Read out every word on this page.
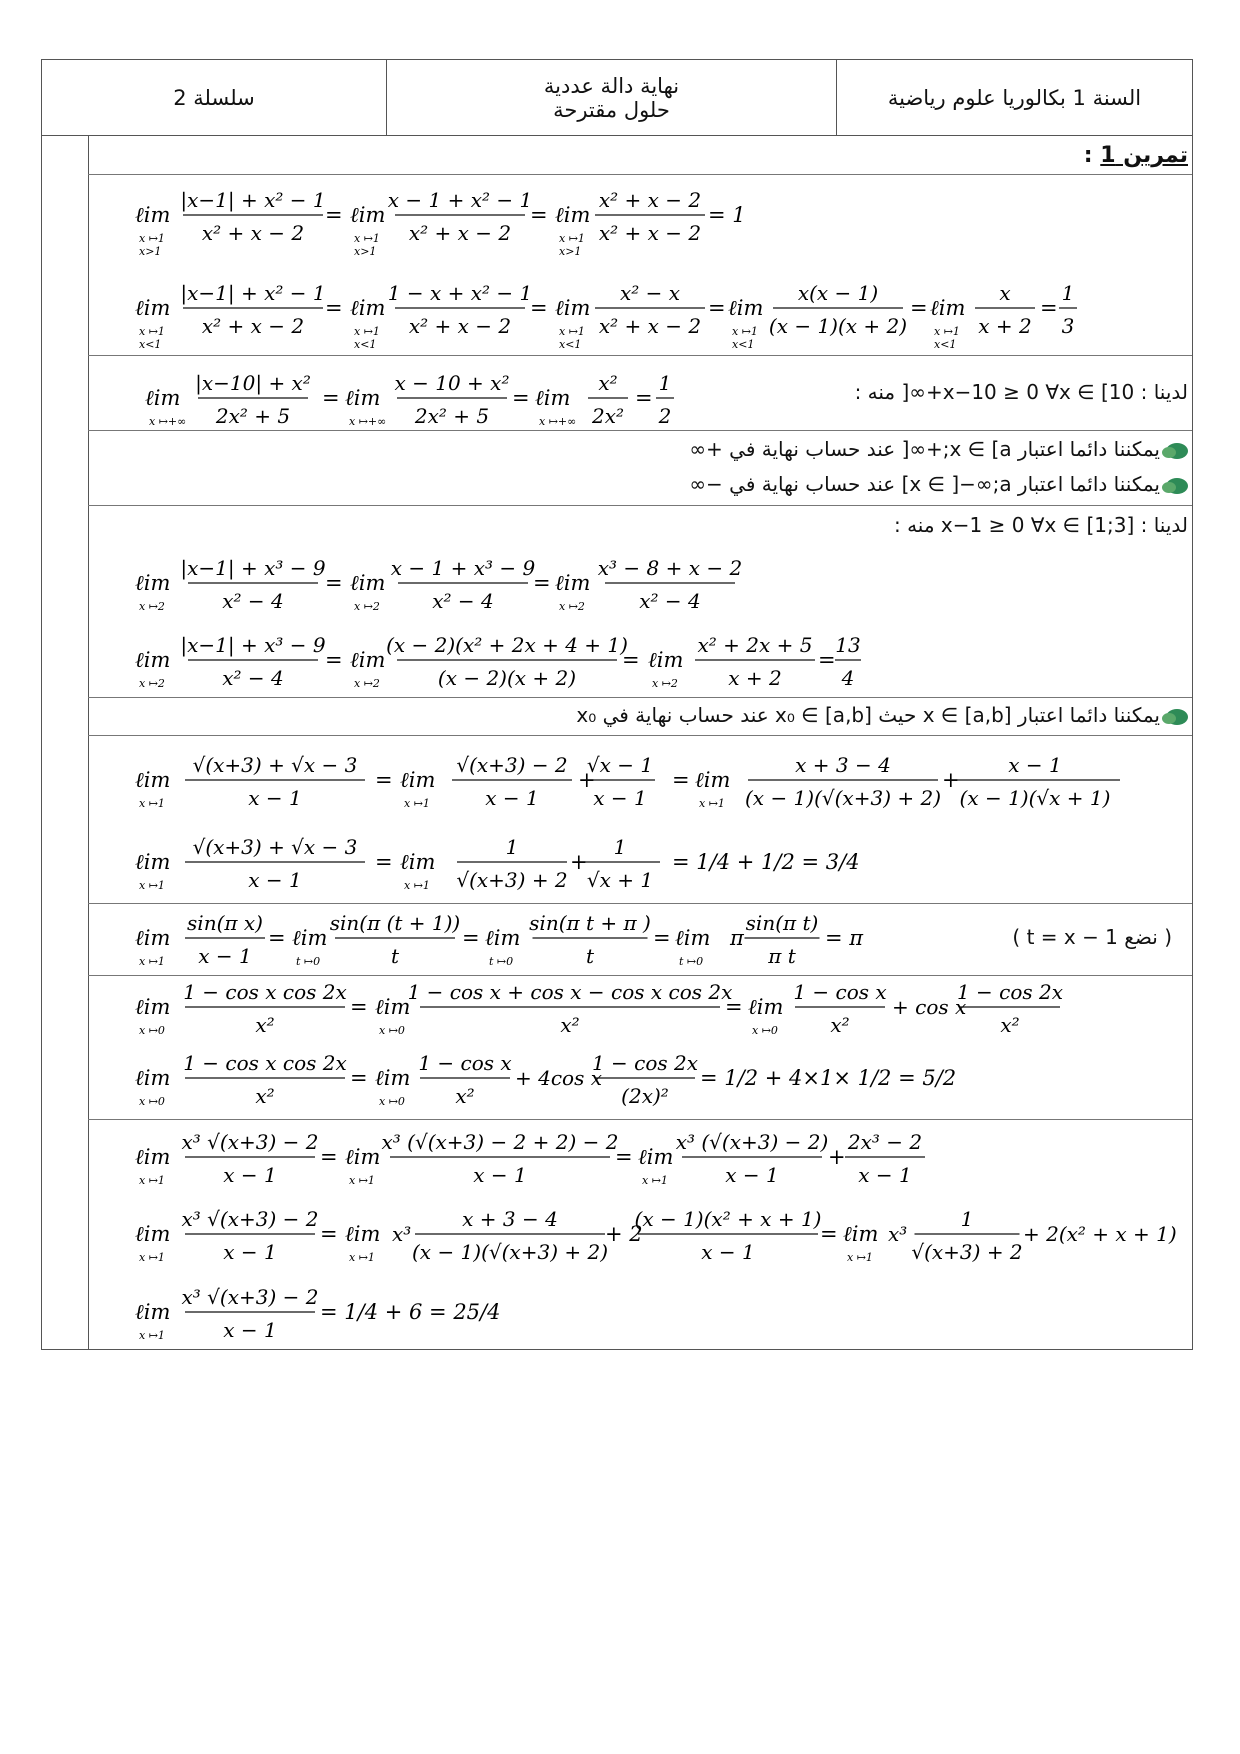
سلسلة 2	نهاية دالة عددية
حلول مقترحة	السنة 1 بكالوريا علوم رياضية
تمرين 1 :
لدينا : x−10 ≥ 0 ∀x ∈ [10+∞[ منه :
يمكننا دائما اعتبار x ∈ [a;+∞[ عند حساب نهاية في +∞
يمكننا دائما اعتبار x ∈ ]−∞;a] عند حساب نهاية في −∞
لدينا : x−1 ≥ 0 ∀x ∈ [1;3] منه :
يمكننا دائما اعتبار x ∈ [a,b] حيث x₀ ∈ [a,b] عند حساب نهاية في x₀
( نضع t = x − 1 )
ℓim
x ↦1
x>1
|x−1| + x² − 1
x² + x − 2
= ℓim
x ↦1
x>1
x − 1 + x² − 1
x² + x − 2
= ℓim
x ↦1
x>1
x² + x − 2
x² + x − 2
= 1
ℓim
x ↦1
x<1
|x−1| + x² − 1
x² + x − 2
= ℓim
x ↦1
x<1
1 − x + x² − 1
x² + x − 2
= ℓim
x ↦1
x<1
x² − x
x² + x − 2
= ℓim
x ↦1
x<1
x(x − 1)
(x − 1)(x + 2)
= ℓim
x ↦1
x<1
x
x + 2
=
1
3
ℓim
x ↦+∞
|x−10| + x²
2x² + 5
= ℓim
x ↦+∞
x − 10 + x²
2x² + 5
= ℓim
x ↦+∞
x²
2x²
=
1
2
ℓim
x ↦2
|x−1| + x³ − 9
x² − 4
= ℓim
x ↦2
x − 1 + x³ − 9
x² − 4
= ℓim
x ↦2
x³ − 8 + x − 2
x² − 4
ℓim
x ↦2
|x−1| + x³ − 9
x² − 4
= ℓim
x ↦2
(x − 2)(x² + 2x + 4 + 1)
(x − 2)(x + 2)
= ℓim
x ↦2
x² + 2x + 5
x + 2
=
13
4
ℓim
x ↦1
√(x+3) + √x − 3
x − 1
= ℓim
x ↦1
√(x+3) − 2
x − 1
+
√x − 1
x − 1
= ℓim
x ↦1
x + 3 − 4
(x − 1)(√(x+3) + 2)
+
x − 1
(x − 1)(√x + 1)
ℓim
x ↦1
√(x+3) + √x − 3
x − 1
= ℓim
x ↦1
1
√(x+3) + 2
+
1
√x + 1
= 1/4 + 1/2 = 3/4
ℓim
x ↦1
sin(π x)
x − 1
= ℓim
t ↦0
sin(π (t + 1))
t
= ℓim
t ↦0
sin(π t + π )
t
= ℓim
t ↦0
π
sin(π t)
π t
= π
ℓim
x ↦0
1 − cos x cos 2x
x²
= ℓim
x ↦0
1 − cos x + cos x − cos x cos 2x
x²
= ℓim
x ↦0
1 − cos x
x²
+ cos x
1 − cos 2x
x²
ℓim
x ↦0
1 − cos x cos 2x
x²
= ℓim
x ↦0
1 − cos x
x²
+ 4cos x
1 − cos 2x
(2x)²
= 1/2 + 4×1× 1/2 = 5/2
ℓim
x ↦1
x³ √(x+3) − 2
x − 1
= ℓim
x ↦1
x³ (√(x+3) − 2 + 2) − 2
x − 1
= ℓim
x ↦1
x³ (√(x+3) − 2)
x − 1
+
2x³ − 2
x − 1
ℓim
x ↦1
x³ √(x+3) − 2
x − 1
= ℓim
x ↦1
x³
x + 3 − 4
(x − 1)(√(x+3) + 2)
+ 2
(x − 1)(x² + x + 1)
x − 1
= ℓim
x ↦1
x³
1
√(x+3) + 2
+ 2(x² + x + 1)
ℓim
x ↦1
x³ √(x+3) − 2
x − 1
= 1/4 + 6 = 25/4
